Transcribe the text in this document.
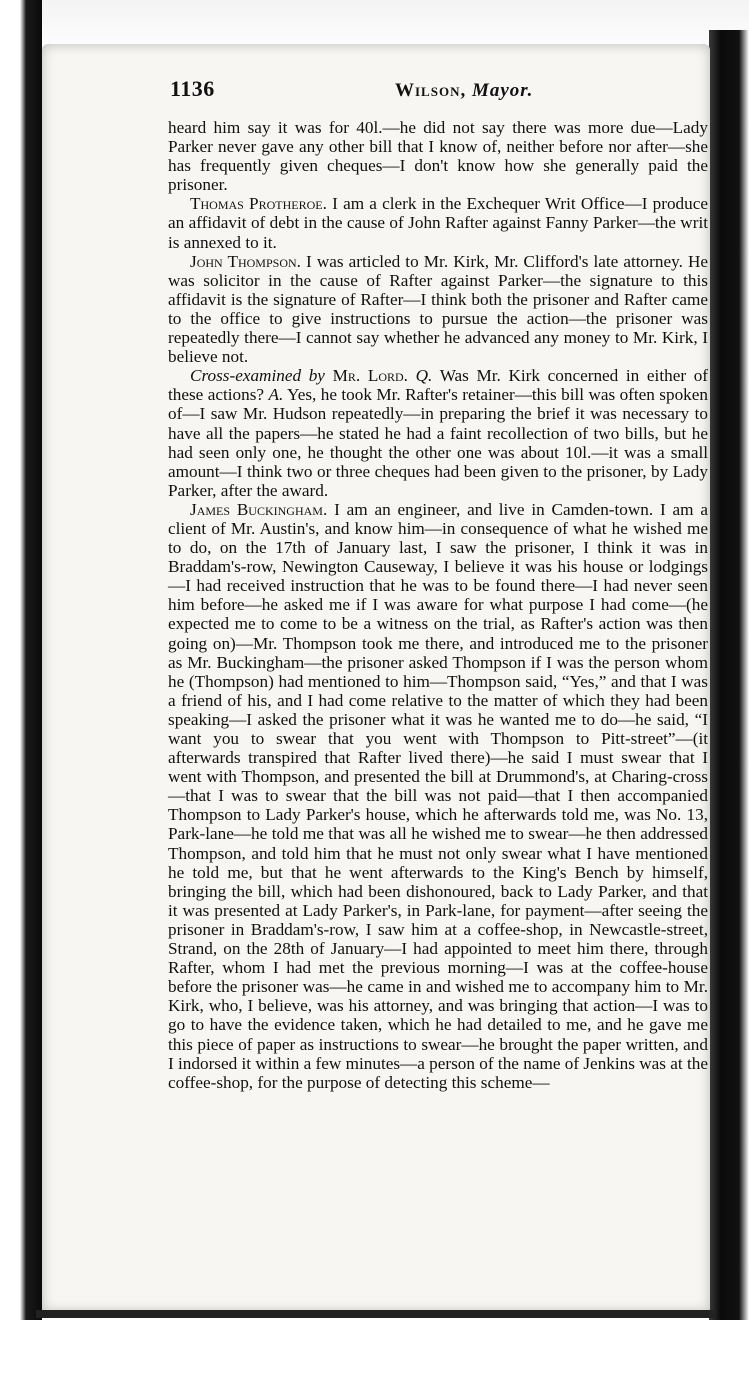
1136	Wilson, Mayor.

heard him say it was for 40l.—he did not say there was more due—Lady Parker never gave any other bill that I know of, neither before nor after—she has frequently given cheques—I don't know how she generally paid the prisoner.

Thomas Protheroe. I am a clerk in the Exchequer Writ Office—I produce an affidavit of debt in the cause of John Rafter against Fanny Parker—the writ is annexed to it.

John Thompson. I was articled to Mr. Kirk, Mr. Clifford's late attorney. He was solicitor in the cause of Rafter against Parker—the signature to this affidavit is the signature of Rafter—I think both the prisoner and Rafter came to the office to give instructions to pursue the action—the prisoner was repeatedly there—I cannot say whether he advanced any money to Mr. Kirk, I believe not.

Cross-examined by Mr. Lord. Q. Was Mr. Kirk concerned in either of these actions? A. Yes, he took Mr. Rafter's retainer—this bill was often spoken of—I saw Mr. Hudson repeatedly—in preparing the brief it was necessary to have all the papers—he stated he had a faint recollection of two bills, but he had seen only one, he thought the other one was about 10l.—it was a small amount—I think two or three cheques had been given to the prisoner, by Lady Parker, after the award.

James Buckingham. I am an engineer, and live in Camden-town. I am a client of Mr. Austin's, and know him—in consequence of what he wished me to do, on the 17th of January last, I saw the prisoner, I think it was in Braddam's-row, Newington Causeway, I believe it was his house or lodgings—I had received instruction that he was to be found there—I had never seen him before—he asked me if I was aware for what purpose I had come—(he expected me to come to be a witness on the trial, as Rafter's action was then going on)—Mr. Thompson took me there, and introduced me to the prisoner as Mr. Buckingham—the prisoner asked Thompson if I was the person whom he (Thompson) had mentioned to him—Thompson said, “Yes,” and that I was a friend of his, and I had come relative to the matter of which they had been speaking—I asked the prisoner what it was he wanted me to do—he said, “I want you to swear that you went with Thompson to Pitt-street”—(it afterwards transpired that Rafter lived there)—he said I must swear that I went with Thompson, and presented the bill at Drummond's, at Charing-cross—that I was to swear that the bill was not paid—that I then accompanied Thompson to Lady Parker's house, which he afterwards told me, was No. 13, Park-lane—he told me that was all he wished me to swear—he then addressed Thompson, and told him that he must not only swear what I have mentioned he told me, but that he went afterwards to the King's Bench by himself, bringing the bill, which had been dishonoured, back to Lady Parker, and that it was presented at Lady Parker's, in Park-lane, for payment—after seeing the prisoner in Braddam's-row, I saw him at a coffee-shop, in Newcastle-street, Strand, on the 28th of January—I had appointed to meet him there, through Rafter, whom I had met the previous morning—I was at the coffee-house before the prisoner was—he came in and wished me to accompany him to Mr. Kirk, who, I believe, was his attorney, and was bringing that action—I was to go to have the evidence taken, which he had detailed to me, and he gave me this piece of paper as instructions to swear—he brought the paper written, and I indorsed it within a few minutes—a person of the name of Jenkins was at the coffee-shop, for the purpose of detecting this scheme—
